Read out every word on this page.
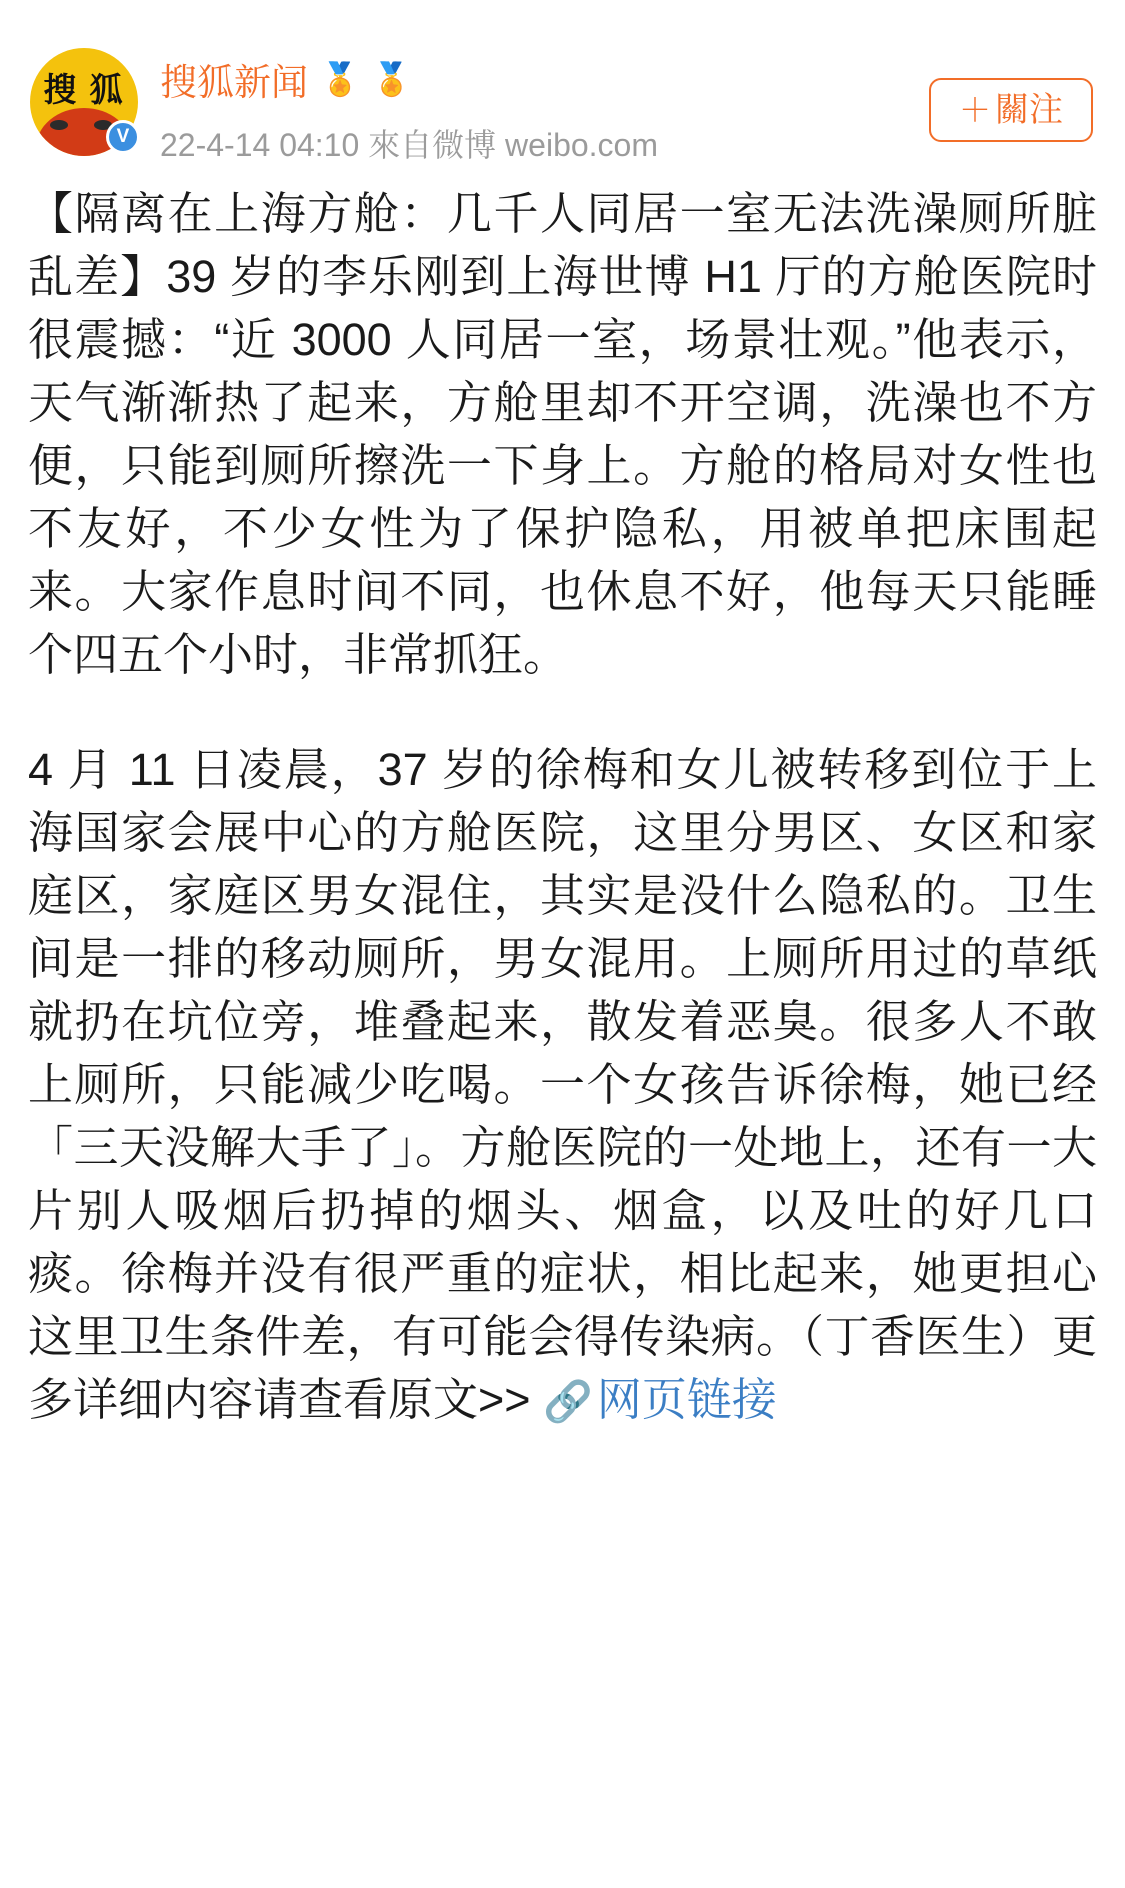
搜 狐
V
搜狐新闻 🏅 🏅
22-4-14 04:10 來自微博 weibo.com
＋ 關注
【隔离在上海方舱：几千人同居一室无法洗澡厕所脏乱差】39 岁的李乐刚到上海世博 H1 厅的方舱医院时很震撼：“近 3000 人同居一室，场景壮观。”他表示，天气渐渐热了起来，方舱里却不开空调，洗澡也不方便，只能到厕所擦洗一下身上。方舱的格局对女性也不友好，不少女性为了保护隐私，用被单把床围起来。大家作息时间不同，也休息不好，他每天只能睡个四五个小时，非常抓狂。
4 月 11 日凌晨，37 岁的徐梅和女儿被转移到位于上海国家会展中心的方舱医院，这里分男区、女区和家庭区，家庭区男女混住，其实是没什么隐私的。卫生间是一排的移动厕所，男女混用。上厕所用过的草纸就扔在坑位旁，堆叠起来，散发着恶臭。很多人不敢上厕所，只能减少吃喝。一个女孩告诉徐梅，她已经「三天没解大手了」。方舱医院的一处地上，还有一大片别人吸烟后扔掉的烟头、烟盒，以及吐的好几口痰。徐梅并没有很严重的症状，相比起来，她更担心这里卫生条件差，有可能会得传染病。（丁香医生）更多详细内容请查看原文>> 🔗网页链接
